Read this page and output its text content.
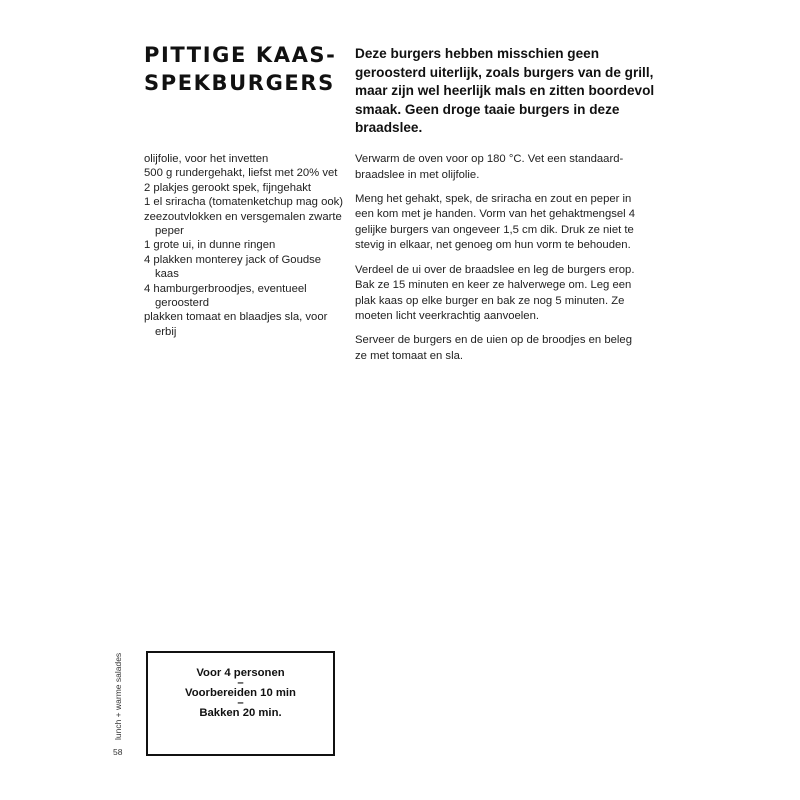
PITTIGE KAAS-
SPEKBURGERS

Deze burgers hebben misschien geen geroosterd uiterlijk, zoals burgers van de grill, maar zijn wel heerlijk mals en zitten boordevol smaak. Geen droge taaie burgers in deze braadslee.

olijfolie, voor het invetten
500 g rundergehakt, liefst met 20% vet
2 plakjes gerookt spek, fijngehakt
1 el sriracha (tomatenketchup mag ook)
zeezoutvlokken en versgemalen zwarte peper
1 grote ui, in dunne ringen
4 plakken monterey jack of Goudse kaas
4 hamburgerbroodjes, eventueel geroosterd
plakken tomaat en blaadjes sla, voor erbij

Verwarm de oven voor op 180 °C. Vet een standaard-braadslee in met olijfolie.

Meng het gehakt, spek, de sriracha en zout en peper in een kom met je handen. Vorm van het gehaktmengsel 4 gelijke burgers van ongeveer 1,5 cm dik. Druk ze niet te stevig in elkaar, net genoeg om hun vorm te behouden.

Verdeel de ui over de braadslee en leg de burgers erop. Bak ze 15 minuten en keer ze halverwege om. Leg een plak kaas op elke burger en bak ze nog 5 minuten. Ze moeten licht veerkrachtig aanvoelen.

Serveer de burgers en de uien op de broodjes en beleg ze met tomaat en sla.

lunch + warme salades
58
Voor 4 personen
–
Voorbereiden 10 min
–
Bakken 20 min.
